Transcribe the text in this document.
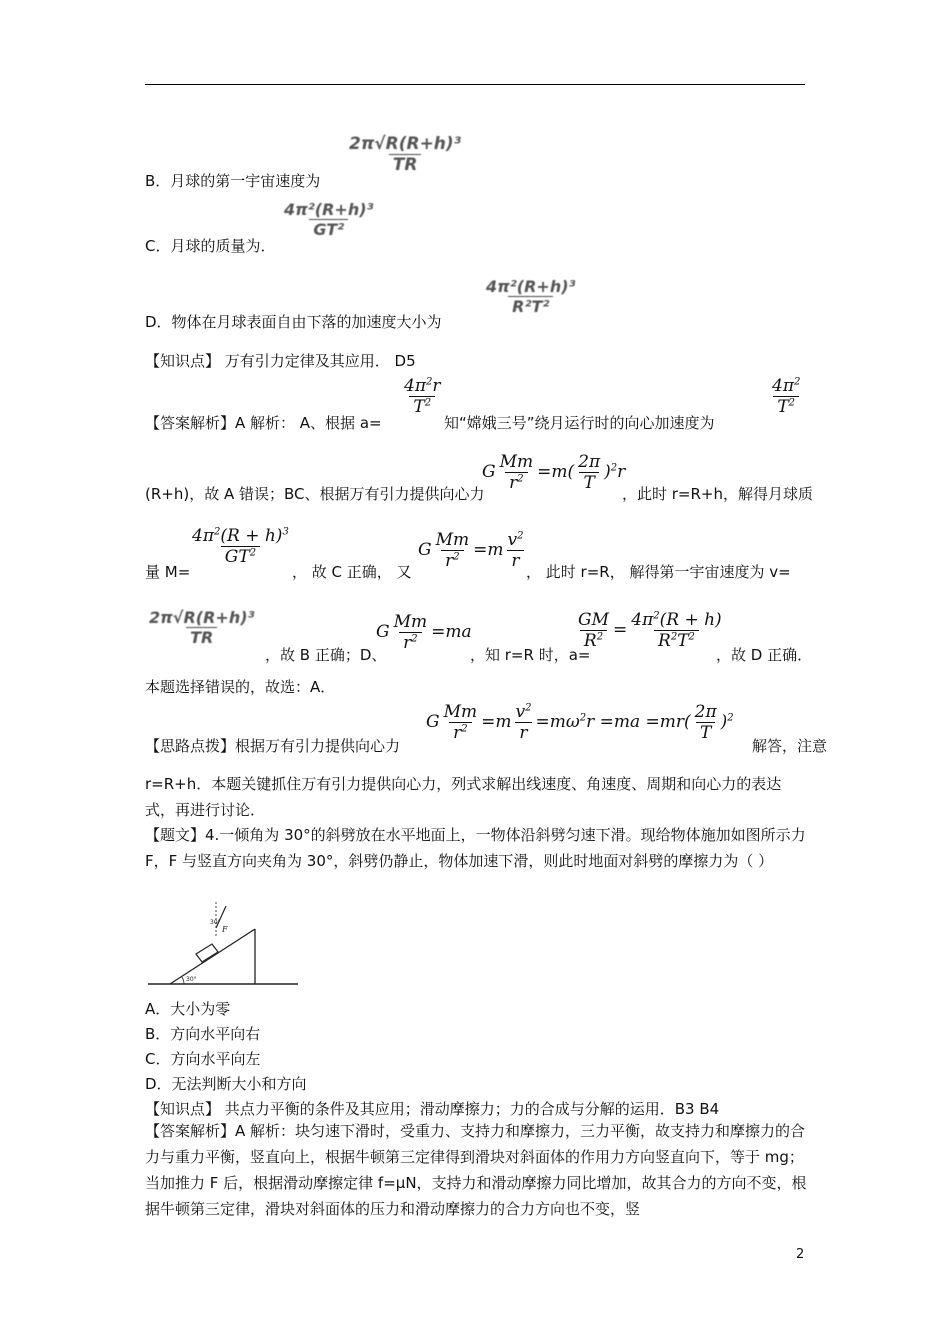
B．月球的第一宇宙速度为
$\frac{\text{2π√R(R+h)³}}{TR}$
C．月球的质量为．
$\frac{\text{4π²(R+h)³}}{\text{GT²}}$
D．物体在月球表面自由下落的加速度大小为
$\frac{\text{4π²(R+h)³}}{\text{R²T²}}$
【知识点】 万有引力定律及其应用． D5
【答案解析】A 解析： A、根据 a=
$\frac{4\pi^2r}{T^2}$
知“嫦娥三号”绕月运行时的向心加速度为
$\frac{4\pi^2}{T^2}$
(R+h)，故 A 错误；BC、根据万有引力提供向心力
G $\frac{Mm}{r^2} =m( \frac{2\pi}{T} )^2r$
，此时 r=R+h，解得月球质
量 M=
$\frac{4\pi^2(R + h)^3}{GT^2}$
， 故 C 正确， 又
G $\frac{Mm}{r^2} =m \frac{v^2}{r}$
， 此时 r=R， 解得第一宇宙速度为 v=
$\frac{\text{2π√R(R+h)³}}{TR}$
，故 B 正确；D、
G $\frac{Mm}{r^2} =ma$
，知 r=R 时，a=
$\frac{GM}{R^2} = \frac{4\pi^2(R + h)}{R^2T^2}$
，故 D 正确．
本题选择错误的，故选：A．
【思路点拨】根据万有引力提供向心力
G $\frac{Mm}{r^2} =m \frac{v^2}{r} =m\omega^2r =ma =mr( \frac{2\pi}{T} )^2$
解答，注意
r=R+h．本题关键抓住万有引力提供向心力，列式求解出线速度、角速度、周期和向心力的表达式，再进行讨论．
【题文】4.一倾角为 30°的斜劈放在水平地面上，一物体沿斜劈匀速下滑。现给物体施加如图所示力 F，F 与竖直方向夹角为 30°，斜劈仍静止，物体加速下滑，则此时地面对斜劈的摩擦力为（ ）
F
30°
30°
A．大小为零
B．方向水平向右
C．方向水平向左
D．无法判断大小和方向
【知识点】 共点力平衡的条件及其应用；滑动摩擦力；力的合成与分解的运用．B3 B4
【答案解析】A 解析：块匀速下滑时，受重力、支持力和摩擦力，三力平衡，故支持力和摩擦力的合力与重力平衡，竖直向上，根据牛顿第三定律得到滑块对斜面体的作用力方向竖直向下，等于 mg；当加推力 F 后，根据滑动摩擦定律 f=μN，支持力和滑动摩擦力同比增加，故其合力的方向不变，根据牛顿第三定律，滑块对斜面体的压力和滑动摩擦力的合力方向也不变，竖
2
